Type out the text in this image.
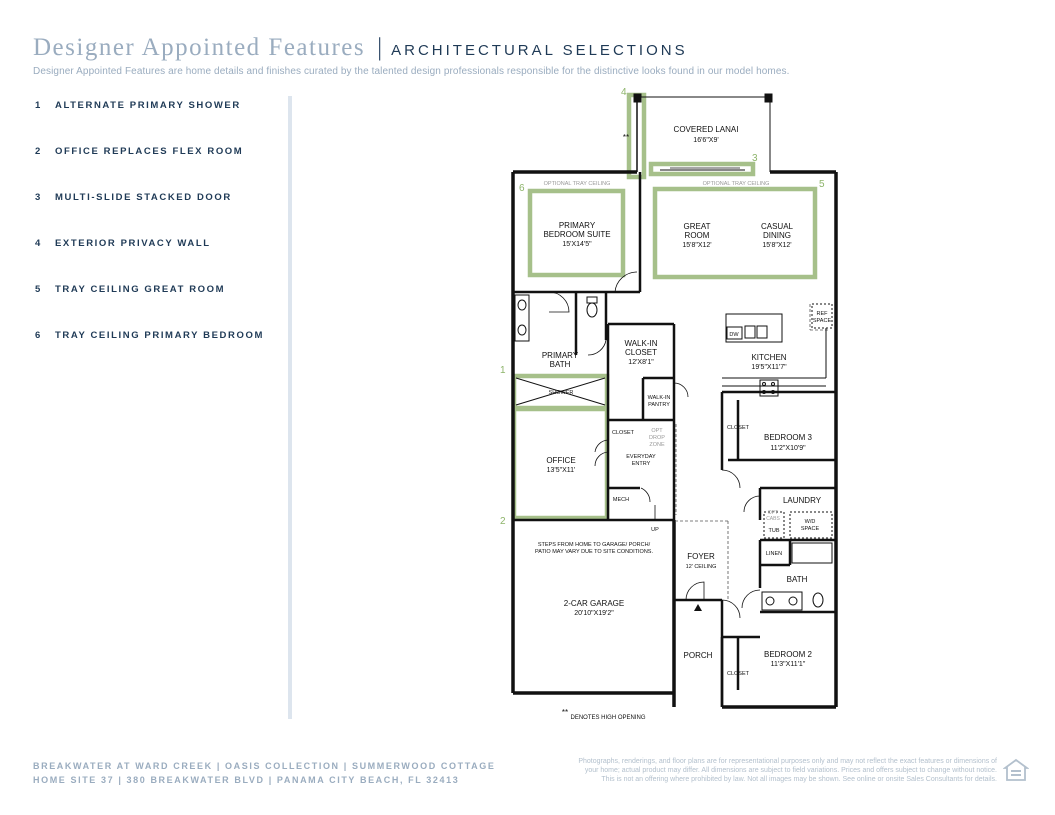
Designer Appointed Features | ARCHITECTURAL SELECTIONS
Designer Appointed Features are home details and finishes curated by the talented design professionals responsible for the distinctive looks found in our model homes.
1	ALTERNATE PRIMARY SHOWER
2	OFFICE REPLACES FLEX ROOM
3	MULTI-SLIDE STACKED DOOR
4	EXTERIOR PRIVACY WALL
5	TRAY CEILING GREAT ROOM
6	TRAY CEILING PRIMARY BEDROOM
1
2
3
4
5
6
**
COVERED LANAI
16'6"X9'
OPTIONAL TRAY CEILING	OPTIONAL TRAY CEILING
PRIMARY
BEDROOM SUITE
15'X14'5"
GREAT
ROOM
15'8"X12'
CASUAL
DINING
15'8"X12'
REF
SPACE
DW
KITCHEN
19'5"X11'7"
PRIMARY
BATH
WALK-IN
CLOSET
12'X8'1"
WALK-IN
PANTRY
SHOWER
CLOSET	OPT
DROP
ZONE
EVERYDAY
ENTRY
OFFICE
13'5"X11'
MECH
UP
CLOSET
BEDROOM 3
11'2"X10'9"
LAUNDRY
OPT
CABS	W/D
SPACE
TUB
LINEN
BATH
STEPS FROM HOME TO GARAGE/ PORCH/
PATIO MAY VARY DUE TO SITE CONDITIONS.	FOYER
12' CEILING
2-CAR GARAGE
20'10"X19'2"
PORCH
CLOSET
BEDROOM 2
11'3"X11'1"
**
DENOTES HIGH OPENING
BREAKWATER AT WARD CREEK | OASIS COLLECTION | SUMMERWOOD COTTAGE
HOME SITE 37 | 380 BREAKWATER BLVD | PANAMA CITY BEACH, FL 32413
Photographs, renderings, and floor plans are for representational purposes only and may not reflect the exact features or dimensions of
your home; actual product may differ. All dimensions are subject to field variations. Prices and offers subject to change without notice.
This is not an offering where prohibited by law. Not all images may be shown. See online or onsite Sales Consultants for details.
